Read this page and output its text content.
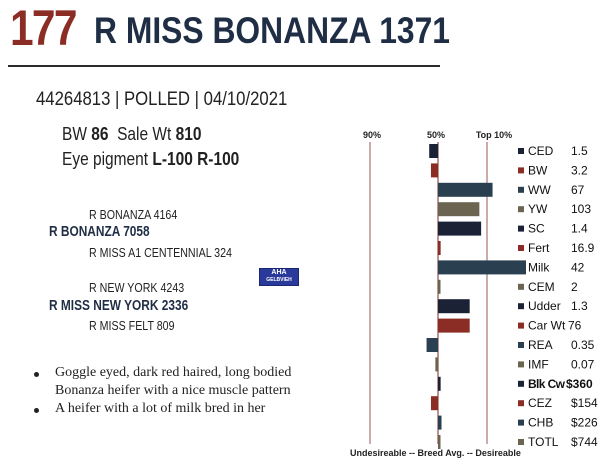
177 R MISS BONANZA 1371
44264813 | POLLED | 04/10/2021
BW 86 Sale Wt 810
Eye pigment L-100 R-100
R BONANZA 4164
R BONANZA 7058
R MISS A1 CENTENNIAL 324
R NEW YORK 4243
R MISS NEW YORK 2336
R MISS FELT 809
AHA
GELBVIEH
Goggle eyed, dark red haired, long bodied Bonanza heifer with a nice muscle pattern
A heifer with a lot of milk bred in her
90%	50%	Top 10%
CED 1.5
BW 3.2
WW 67
YW 103
SC 1.4
Fert 16.9
Milk 42
CEM 2
Udder 1.3
Car Wt 76
REA 0.35
IMF 0.07
Blk Cw $360
CEZ $154
CHB $226
TOTL $744
Undesireable -- Breed Avg. -- Desireable
